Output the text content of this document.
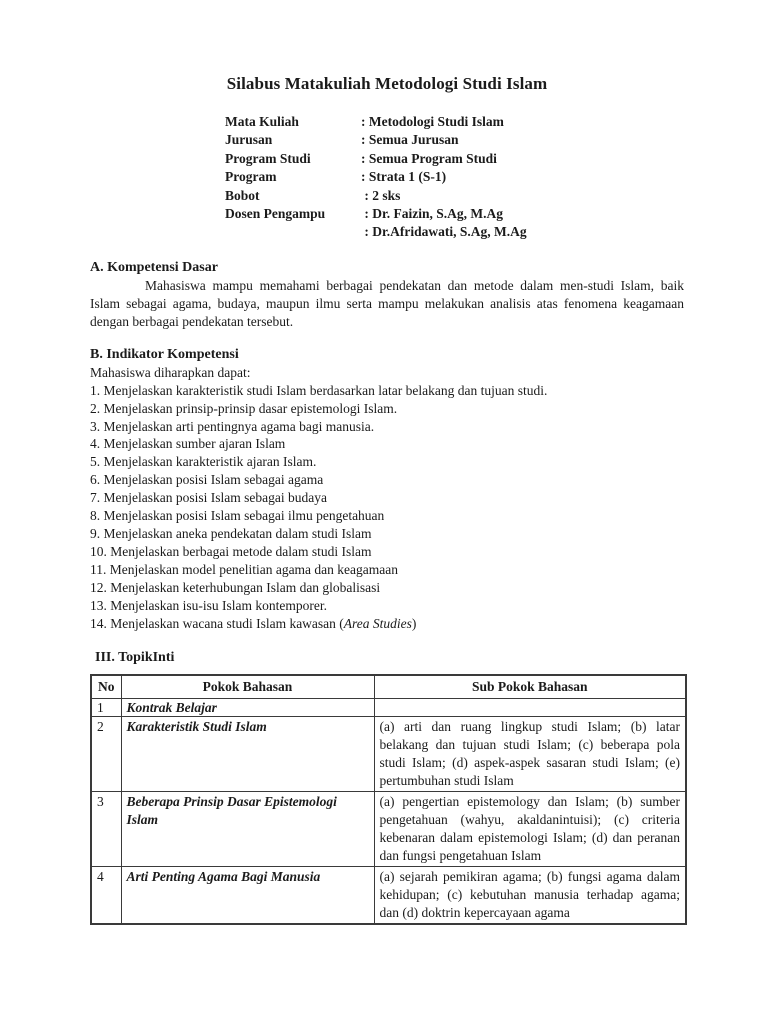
Silabus Matakuliah Metodologi Studi Islam
Mata Kuliah	: Metodologi Studi Islam
Jurusan	: Semua Jurusan
Program Studi	: Semua Program Studi
Program	: Strata 1 (S-1)
Bobot	: 2 sks
Dosen Pengampu	: Dr. Faizin, S.Ag, M.Ag
: Dr.Afridawati, S.Ag, M.Ag
A. Kompetensi Dasar

Mahasiswa mampu memahami berbagai pendekatan dan metode dalam men-studi Islam, baik Islam sebagai agama, budaya, maupun ilmu serta mampu melakukan analisis atas fenomena keagamaan dengan berbagai pendekatan tersebut.

B. Indikator Kompetensi
Mahasiswa diharapkan dapat:
1. Menjelaskan karakteristik studi Islam berdasarkan latar belakang dan tujuan studi.
2. Menjelaskan prinsip-prinsip dasar epistemologi Islam.
3. Menjelaskan arti pentingnya agama bagi manusia.
4. Menjelaskan sumber ajaran Islam
5. Menjelaskan karakteristik ajaran Islam.
6. Menjelaskan posisi Islam sebagai agama
7. Menjelaskan posisi Islam sebagai budaya
8. Menjelaskan posisi Islam sebagai ilmu pengetahuan
9. Menjelaskan aneka pendekatan dalam studi Islam
10. Menjelaskan berbagai metode dalam studi Islam
11. Menjelaskan model penelitian agama dan keagamaan
12. Menjelaskan keterhubungan Islam dan globalisasi
13. Menjelaskan isu-isu Islam kontemporer.
14. Menjelaskan wacana studi Islam kawasan (Area Studies)
III. TopikInti
No	Pokok Bahasan	Sub Pokok Bahasan
1	Kontrak Belajar	
2	Karakteristik Studi Islam	(a) arti dan ruang lingkup studi Islam; (b) latar belakang dan tujuan studi Islam; (c) beberapa pola studi Islam; (d) aspek-aspek sasaran studi Islam; (e) pertumbuhan studi Islam
3	Beberapa Prinsip Dasar Epistemologi Islam	(a) pengertian epistemology dan Islam; (b) sumber pengetahuan (wahyu, akaldanintuisi); (c) criteria kebenaran dalam epistemologi Islam; (d) dan peranan dan fungsi pengetahuan Islam
4	Arti Penting Agama Bagi Manusia	(a) sejarah pemikiran agama; (b) fungsi agama dalam kehidupan; (c) kebutuhan manusia terhadap agama; dan (d) doktrin kepercayaan agama
